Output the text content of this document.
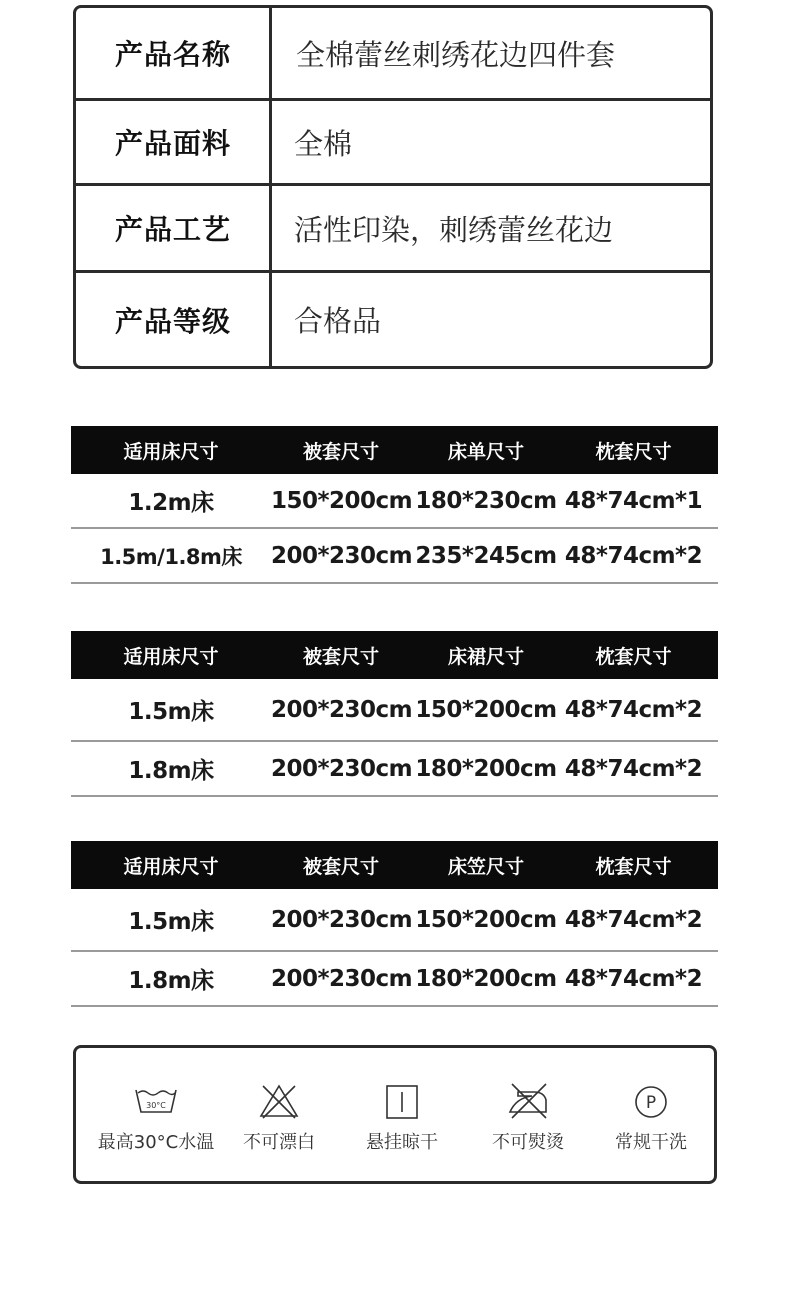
产品名称	全棉蕾丝刺绣花边四件套
产品面料	全棉
产品工艺	活性印染，刺绣蕾丝花边
产品等级	合格品
适用床尺寸	被套尺寸	床单尺寸	枕套尺寸
1.2m床	150*200cm 180*230cm 48*74cm*1
1.5m/1.8m床	200*230cm 235*245cm 48*74cm*2
适用床尺寸	被套尺寸	床裙尺寸	枕套尺寸
1.5m床	200*230cm 150*200cm 48*74cm*2
1.8m床	200*230cm 180*200cm 48*74cm*2
适用床尺寸	被套尺寸	床笠尺寸	枕套尺寸
1.5m床	200*230cm 150*200cm 48*74cm*2
1.8m床	200*230cm 180*200cm 48*74cm*2
30°C
最高30°C水温	不可漂白	悬挂晾干	不可熨烫
P
常规干洗
